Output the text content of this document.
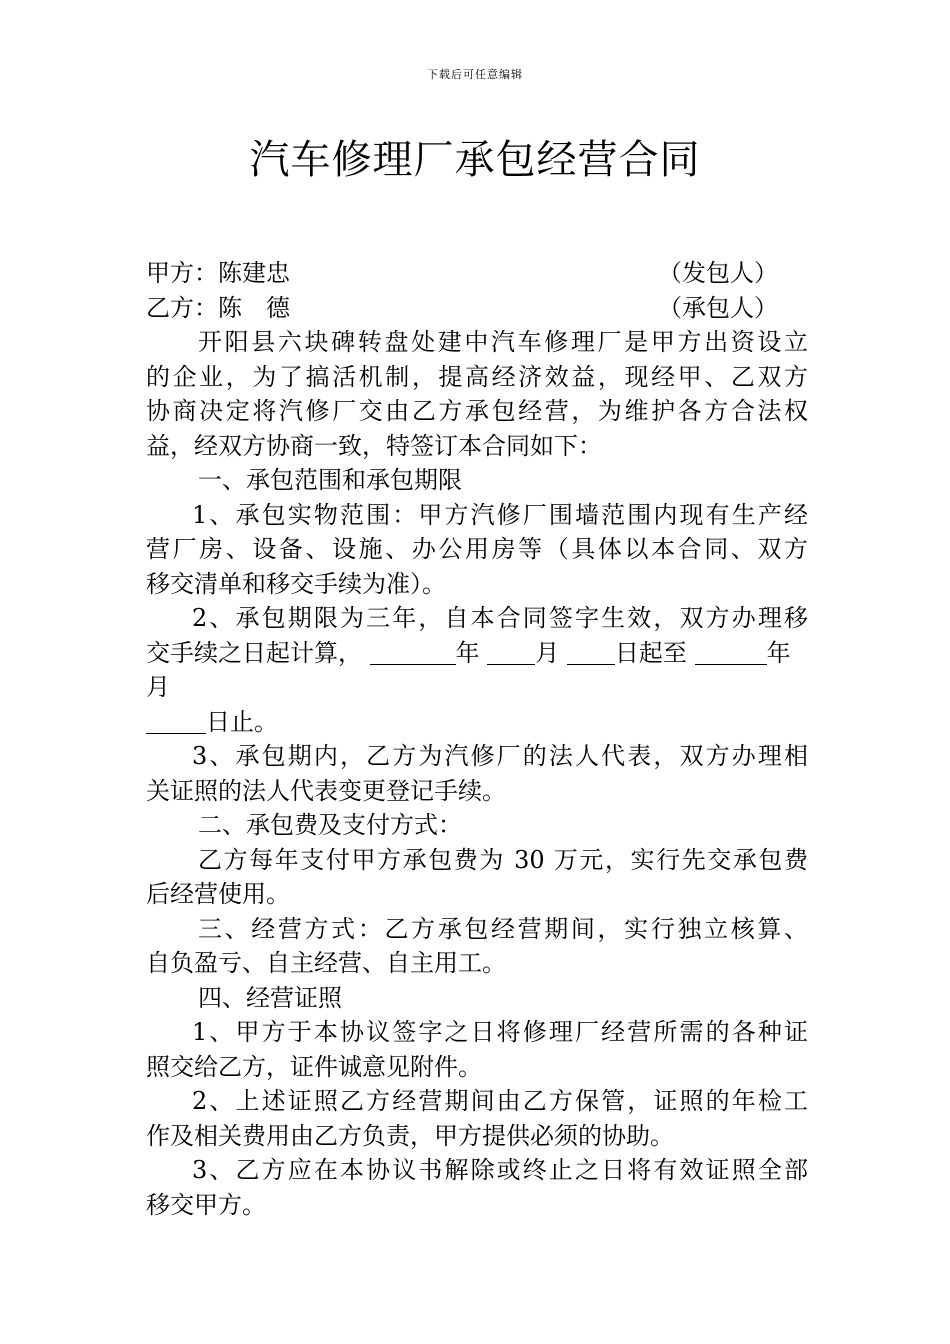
下载后可任意编辑
汽车修理厂承包经营合同
甲方：陈建忠	（发包人）
乙方：陈　德	（承包人）
开阳县六块碑转盘处建中汽车修理厂是甲方出资设立
的企业，为了搞活机制，提高经济效益，现经甲、乙双方
协商决定将汽修厂交由乙方承包经营，为维护各方合法权
益，经双方协商一致，特签订本合同如下：
一、承包范围和承包期限
1、承包实物范围：甲方汽修厂围墙范围内现有生产经
营厂房、设备、设施、办公用房等（具体以本合同、双方
移交清单和移交手续为准）。
2、承包期限为三年，自本合同签字生效，双方办理移
交手续之日起计算，	年 月 日起至	年
月
日止。
3、承包期内，乙方为汽修厂的法人代表，双方办理相
关证照的法人代表变更登记手续。
二、承包费及支付方式：
乙方每年支付甲方承包费为 30 万元，实行先交承包费
后经营使用。
三、经营方式：乙方承包经营期间，实行独立核算、
自负盈亏、自主经营、自主用工。
四、经营证照
1、甲方于本协议签字之日将修理厂经营所需的各种证
照交给乙方，证件诚意见附件。
2、上述证照乙方经营期间由乙方保管，证照的年检工
作及相关费用由乙方负责，甲方提供必须的协助。
3、乙方应在本协议书解除或终止之日将有效证照全部
移交甲方。
